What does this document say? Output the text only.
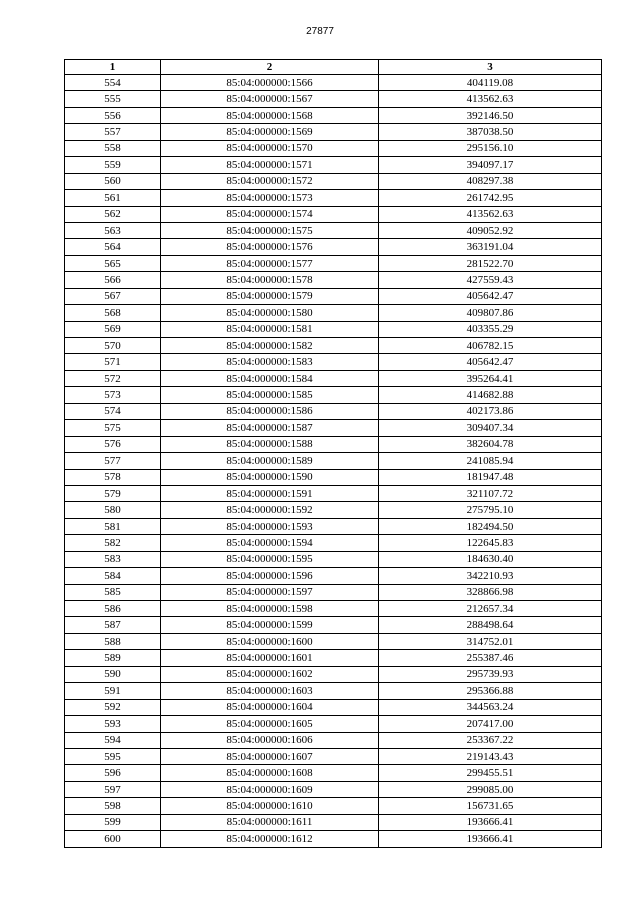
27877
1	2	3
554	85:04:000000:1566	404119.08
555	85:04:000000:1567	413562.63
556	85:04:000000:1568	392146.50
557	85:04:000000:1569	387038.50
558	85:04:000000:1570	295156.10
559	85:04:000000:1571	394097.17
560	85:04:000000:1572	408297.38
561	85:04:000000:1573	261742.95
562	85:04:000000:1574	413562.63
563	85:04:000000:1575	409052.92
564	85:04:000000:1576	363191.04
565	85:04:000000:1577	281522.70
566	85:04:000000:1578	427559.43
567	85:04:000000:1579	405642.47
568	85:04:000000:1580	409807.86
569	85:04:000000:1581	403355.29
570	85:04:000000:1582	406782.15
571	85:04:000000:1583	405642.47
572	85:04:000000:1584	395264.41
573	85:04:000000:1585	414682.88
574	85:04:000000:1586	402173.86
575	85:04:000000:1587	309407.34
576	85:04:000000:1588	382604.78
577	85:04:000000:1589	241085.94
578	85:04:000000:1590	181947.48
579	85:04:000000:1591	321107.72
580	85:04:000000:1592	275795.10
581	85:04:000000:1593	182494.50
582	85:04:000000:1594	122645.83
583	85:04:000000:1595	184630.40
584	85:04:000000:1596	342210.93
585	85:04:000000:1597	328866.98
586	85:04:000000:1598	212657.34
587	85:04:000000:1599	288498.64
588	85:04:000000:1600	314752.01
589	85:04:000000:1601	255387.46
590	85:04:000000:1602	295739.93
591	85:04:000000:1603	295366.88
592	85:04:000000:1604	344563.24
593	85:04:000000:1605	207417.00
594	85:04:000000:1606	253367.22
595	85:04:000000:1607	219143.43
596	85:04:000000:1608	299455.51
597	85:04:000000:1609	299085.00
598	85:04:000000:1610	156731.65
599	85:04:000000:1611	193666.41
600	85:04:000000:1612	193666.41
